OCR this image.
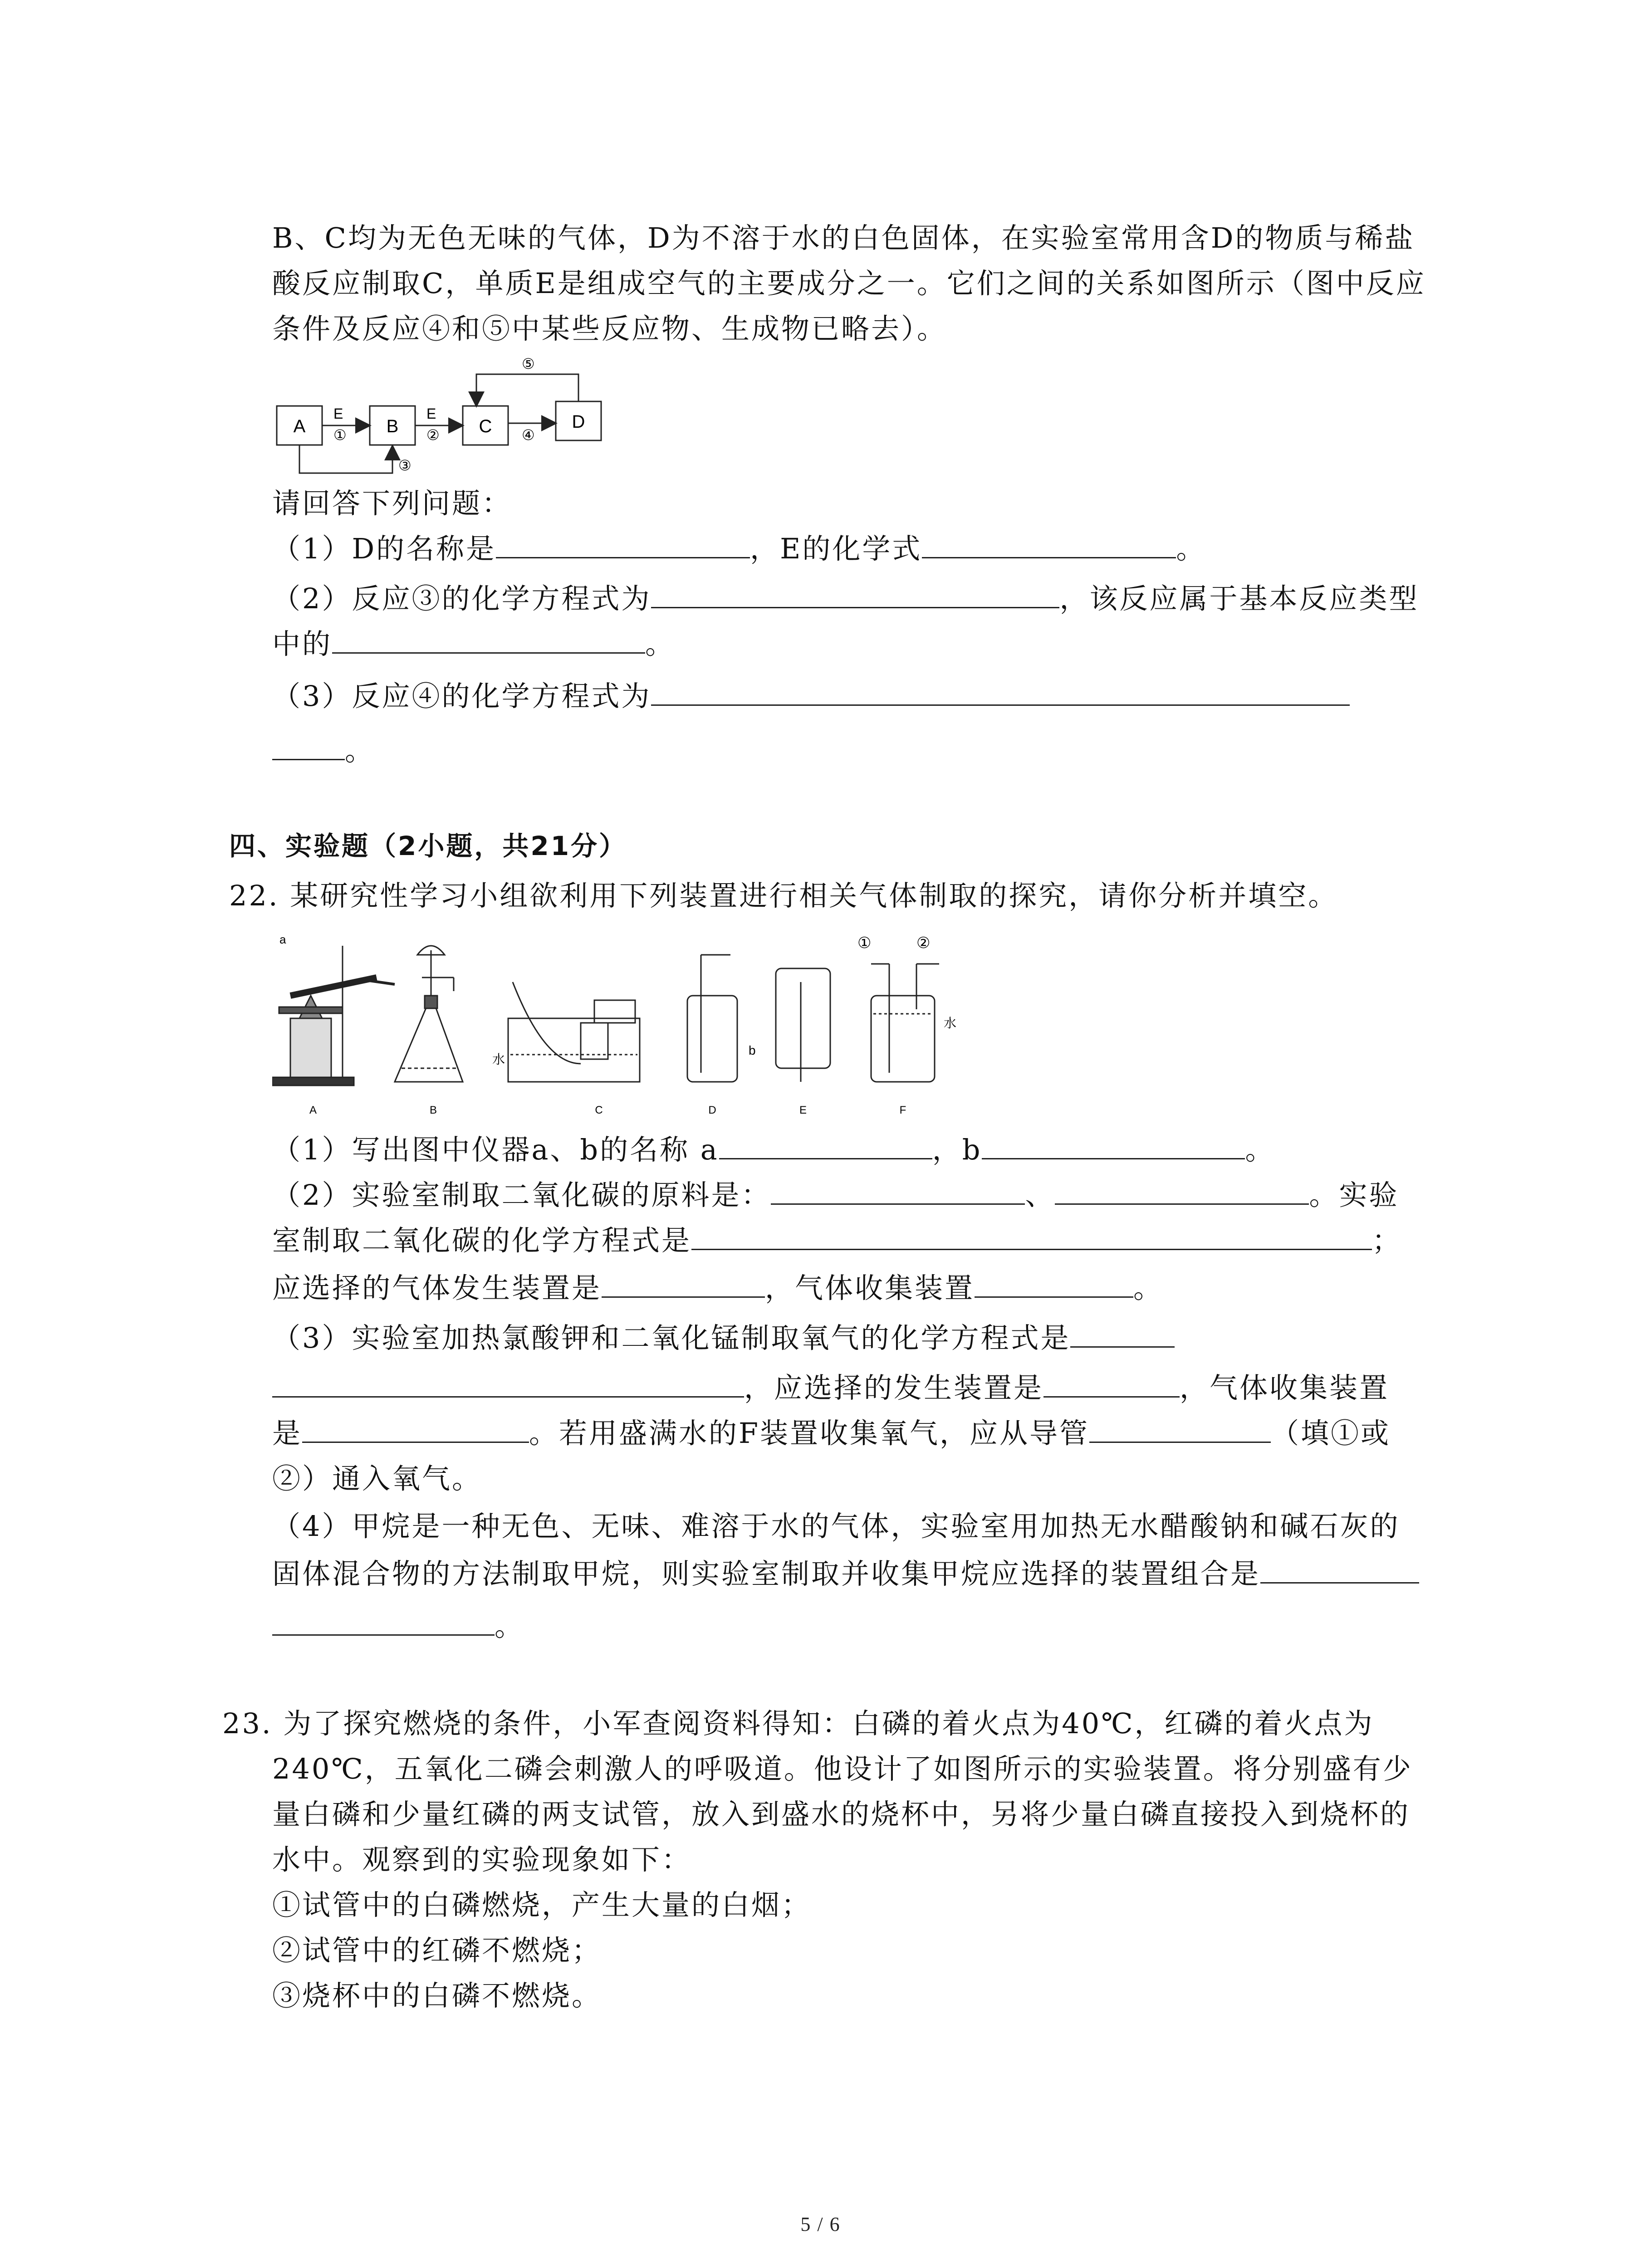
B、C均为无色无味的气体，D为不溶于水的白色固体，在实验室常用含D的物质与稀盐
酸反应制取C，单质E是组成空气的主要成分之一。它们之间的关系如图所示（图中反应
条件及反应④和⑤中某些反应物、生成物已略去）。
A	B	C	D
E
①
E
②	④
⑤
③
请回答下列问题：
（1）D的名称是	，E的化学式	。
（2）反应③的化学方程式为	，该反应属于基本反应类型
中的	。
（3）反应④的化学方程式为
。
四、实验题（2小题，共21分）
22. 某研究性学习小组欲利用下列装置进行相关气体制取的探究，请你分析并填空。
a
水
b
①	②
水
A	B	C	D	E	F
（1）写出图中仪器a、b的名称 a	，b	。
（2）实验室制取二氧化碳的原料是：	、	。实验
室制取二氧化碳的化学方程式是	；
应选择的气体发生装置是	，气体收集装置	。
（3）实验室加热氯酸钾和二氧化锰制取氧气的化学方程式是
，应选择的发生装置是	，气体收集装置
是	。若用盛满水的F装置收集氧气，应从导管	（填①或
②）通入氧气。
（4）甲烷是一种无色、无味、难溶于水的气体，实验室用加热无水醋酸钠和碱石灰的
固体混合物的方法制取甲烷，则实验室制取并收集甲烷应选择的装置组合是
。
23. 为了探究燃烧的条件，小军查阅资料得知：白磷的着火点为40℃，红磷的着火点为
240℃，五氧化二磷会刺激人的呼吸道。他设计了如图所示的实验装置。将分别盛有少
量白磷和少量红磷的两支试管，放入到盛水的烧杯中，另将少量白磷直接投入到烧杯的
水中。观察到的实验现象如下：
①试管中的白磷燃烧，产生大量的白烟；
②试管中的红磷不燃烧；
③烧杯中的白磷不燃烧。
5 / 6
